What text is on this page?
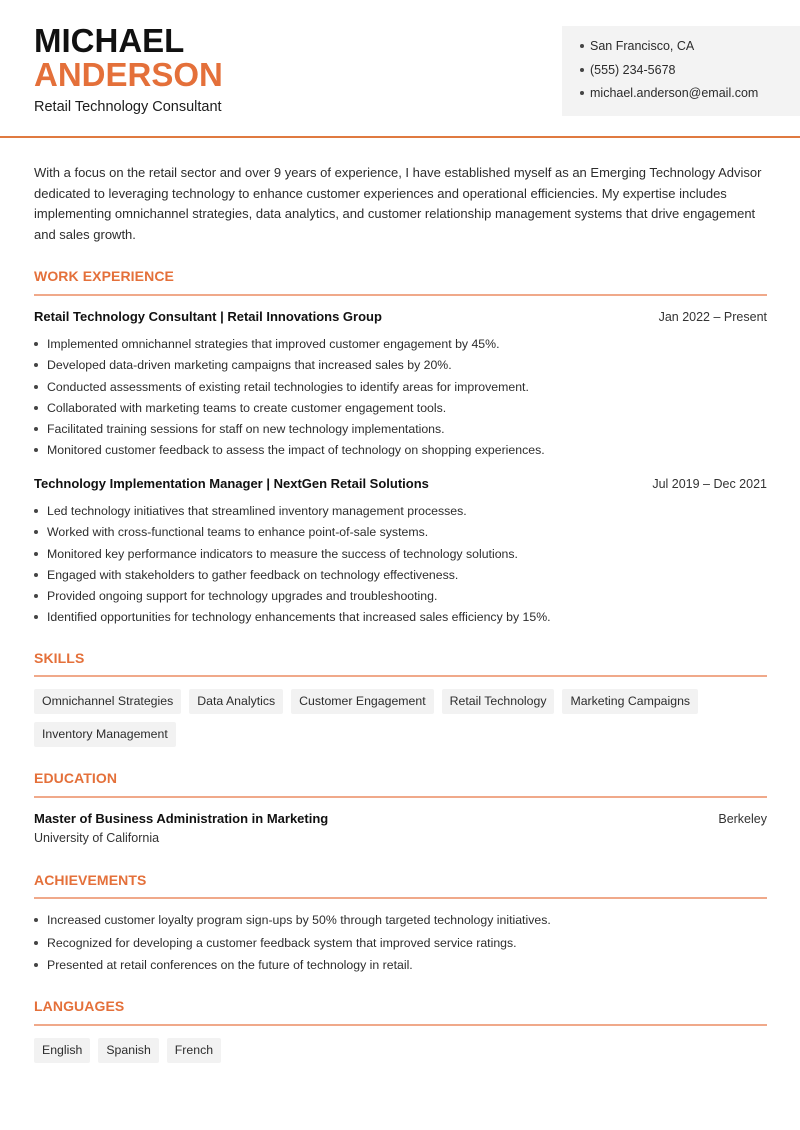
MICHAEL
ANDERSON
Retail Technology Consultant
San Francisco, CA
(555) 234-5678
michael.anderson@email.com

With a focus on the retail sector and over 9 years of experience, I have established myself as an Emerging Technology Advisor dedicated to leveraging technology to enhance customer experiences and operational efficiencies. My expertise includes implementing omnichannel strategies, data analytics, and customer relationship management systems that drive engagement and sales growth.

WORK EXPERIENCE
Retail Technology Consultant | Retail Innovations Group	Jan 2022 – Present
Implemented omnichannel strategies that improved customer engagement by 45%.
Developed data-driven marketing campaigns that increased sales by 20%.
Conducted assessments of existing retail technologies to identify areas for improvement.
Collaborated with marketing teams to create customer engagement tools.
Facilitated training sessions for staff on new technology implementations.
Monitored customer feedback to assess the impact of technology on shopping experiences.
Technology Implementation Manager | NextGen Retail Solutions	Jul 2019 – Dec 2021
Led technology initiatives that streamlined inventory management processes.
Worked with cross-functional teams to enhance point-of-sale systems.
Monitored key performance indicators to measure the success of technology solutions.
Engaged with stakeholders to gather feedback on technology effectiveness.
Provided ongoing support for technology upgrades and troubleshooting.
Identified opportunities for technology enhancements that increased sales efficiency by 15%.
SKILLS
Omnichannel Strategies	Data Analytics	Customer Engagement	Retail Technology	Marketing Campaigns
Inventory Management
EDUCATION
Master of Business Administration in Marketing	Berkeley
University of California
ACHIEVEMENTS
Increased customer loyalty program sign-ups by 50% through targeted technology initiatives.
Recognized for developing a customer feedback system that improved service ratings.
Presented at retail conferences on the future of technology in retail.
LANGUAGES
English	Spanish	French
